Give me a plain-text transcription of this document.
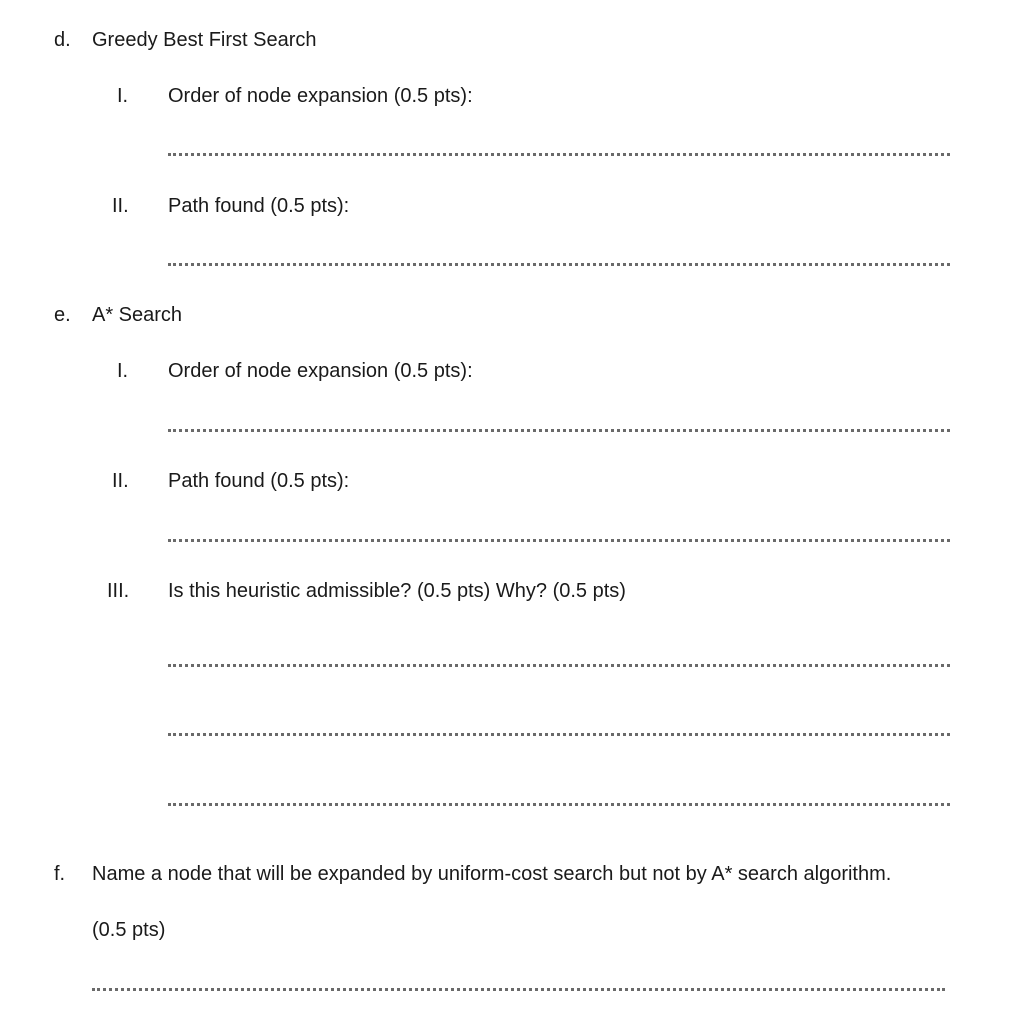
d. Greedy Best First Search
I. Order of node expansion (0.5 pts):
II. Path found (0.5 pts):
e. A* Search
I. Order of node expansion (0.5 pts):
II. Path found (0.5 pts):
III. Is this heuristic admissible? (0.5 pts) Why? (0.5 pts)
f. Name a node that will be expanded by uniform-cost search but not by A* search algorithm.
(0.5 pts)
